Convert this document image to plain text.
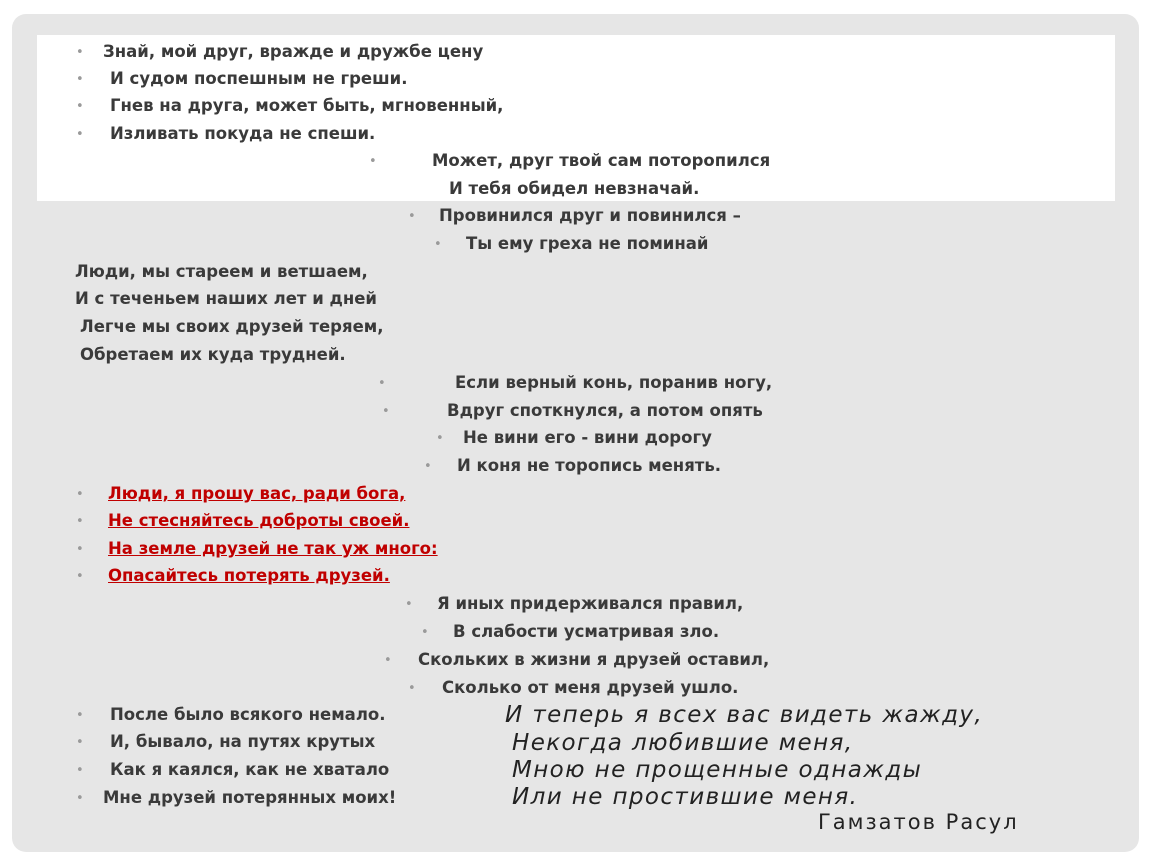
• Знай, мой друг, вражде и дружбе цену
• И судом поспешным не греши.
• Гнев на друга, может быть, мгновенный,
• Изливать покуда не спеши.
•	Может, друг твой сам поторопился
И тебя обидел невзначай.
• Провинился друг и повинился –
• Ты ему греха не поминай
Люди, мы стареем и ветшаем,
И с теченьем наших лет и дней
Легче мы своих друзей теряем,
Обретаем их куда трудней.
•	Если верный конь, поранив ногу,
•	Вдруг споткнулся, а потом опять
• Не вини его - вини дорогу
• И коня не торопись менять.
• Люди, я прошу вас, ради бога,
• Не стесняйтесь доброты своей.
• На земле друзей не так уж много:
• Опасайтесь потерять друзей.
• Я иных придерживался правил,
• В слабости усматривая зло.
• Скольких в жизни я друзей оставил,
• Сколько от меня друзей ушло.
• После было всякого немало.
• И, бывало, на путях крутых
• Как я каялся, как не хватало
• Мне друзей потерянных моих!
И теперь я всех вас видеть жажду,
Некогда любившие меня,
Мною не прощенные однажды
Или не простившие меня.
Гамзатов Расул
